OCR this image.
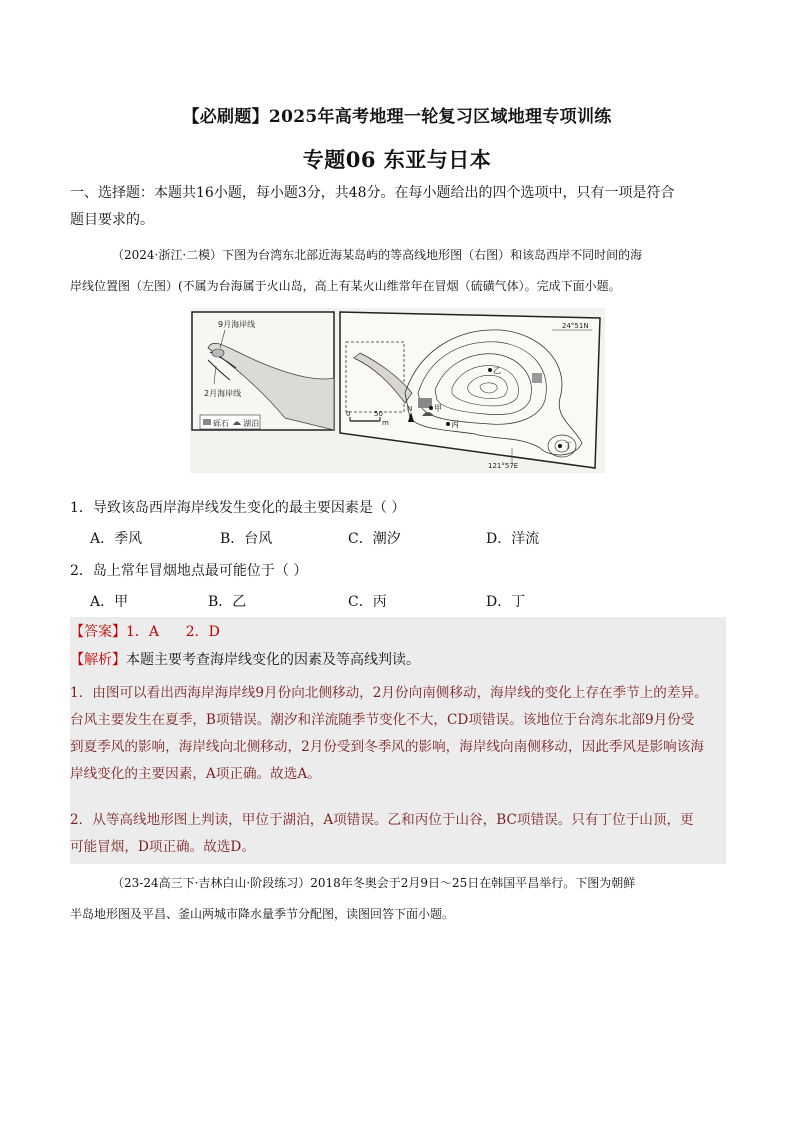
【必刷题】2025年高考地理一轮复习区域地理专项训练
专题06 东亚与日本
一、选择题：本题共16小题，每小题3分，共48分。在每小题给出的四个选项中，只有一项是符合
题目要求的。
（2024·浙江·二模）下图为台湾东北部近海某岛屿的等高线地形图（右图）和该岛西岸不同时间的海
岸线位置图（左图）(不属为台海属于火山岛，高上有某火山维常年在冒烟（硫磺气体）。完成下面小题。
9月海岸线
2月海岸线
砾石 湖泊
甲
乙
丙
丁
24°51N
121°57E
0	50
m
N
1．导致该岛西岸海岸线发生变化的最主要因素是（ ）
A．季风	B．台风	C．潮汐	D．洋流
2．岛上常年冒烟地点最可能位于（ ）
A．甲	B．乙	C．丙	D．丁
【答案】1．A      2．D
【解析】本题主要考查海岸线变化的因素及等高线判读。
1．由图可以看出西海岸海岸线9月份向北侧移动，2月份向南侧移动，海岸线的变化上存在季节上的差异。
台风主要发生在夏季，B项错误。潮汐和洋流随季节变化不大，CD项错误。该地位于台湾东北部9月份受
到夏季风的影响，海岸线向北侧移动，2月份受到冬季风的影响，海岸线向南侧移动，因此季风是影响该海
岸线变化的主要因素，A项正确。故选A。
2．从等高线地形图上判读，甲位于湖泊，A项错误。乙和丙位于山谷，BC项错误。只有丁位于山顶，更
可能冒烟，D项正确。故选D。
（23-24高三下·吉林白山·阶段练习）2018年冬奥会于2月9日～25日在韩国平昌举行。下图为朝鲜
半岛地形图及平昌、釜山两城市降水量季节分配图，读图回答下面小题。
